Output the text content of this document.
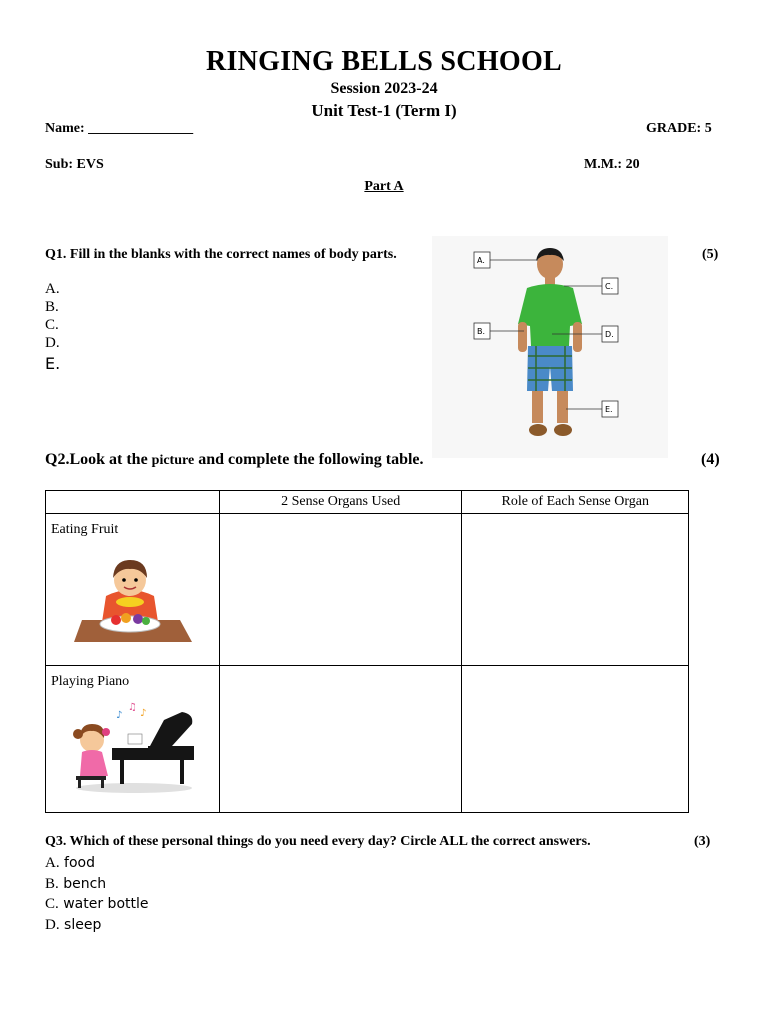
RINGING BELLS SCHOOL
Session 2023-24
Unit Test-1 (Term I)
Name: _______________	GRADE: 5
Sub: EVS	M.M.: 20
Part A
Q1. Fill in the blanks with the correct names of body parts.	(5)
A.
B.
C.
D.
E.
A.
C.
B.	D.
E.
Q2.Look at the picture and complete the following table.	(4)
	2 Sense Organs Used	Role of Each Sense Organ

Eating Fruit		

Playing Piano
♪
♫
♪		

Q3. Which of these personal things do you need every day? Circle ALL the correct answers.	(3)
A. food
B. bench
C. water bottle
D. sleep
